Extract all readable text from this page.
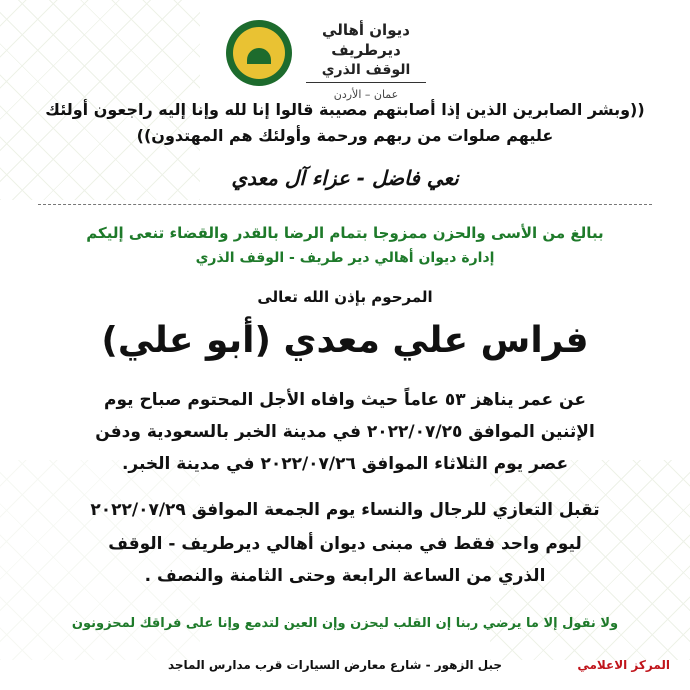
ديوان أهالي ديرطريف
الوقف الذري
عمان – الأردن
((وبشر الصابرين الذين إذا أصابتهم مصيبة قالوا إنا لله وإنا إليه راجعون أولئك
عليهم صلوات من ربهم ورحمة وأولئك هم المهتدون))
نعي فاضل - عزاء آل معدي
ببالغ من الأسى والحزن ممزوجا بتمام الرضا بالقدر والقضاء تنعى إليكم
إدارة ديوان أهالي دير طريف - الوقف الذري
المرحوم بإذن الله تعالى
فراس علي معدي (أبو علي)
عن عمر يناهز ٥٣ عاماً حيث وافاه الأجل المحتوم صباح يوم
الإثنين الموافق ٢٠٢٢/٠٧/٢٥ في مدينة الخبر بالسعودية ودفن
عصر يوم الثلاثاء الموافق ٢٠٢٢/٠٧/٢٦ في مدينة الخبر.
تقبل التعازي للرجال والنساء يوم الجمعة الموافق ٢٠٢٢/٠٧/٢٩
ليوم واحد فقط في مبنى ديوان أهالي ديرطريف - الوقف
الذري من الساعة الرابعة وحتى الثامنة والنصف .
ولا نقول إلا ما يرضي ربنا إن القلب ليحزن وإن العين لتدمع وإنا على فراقك لمحزونون
المركز الاعلامي
جبل الزهور - شارع معارض السيارات قرب مدارس الماجد
